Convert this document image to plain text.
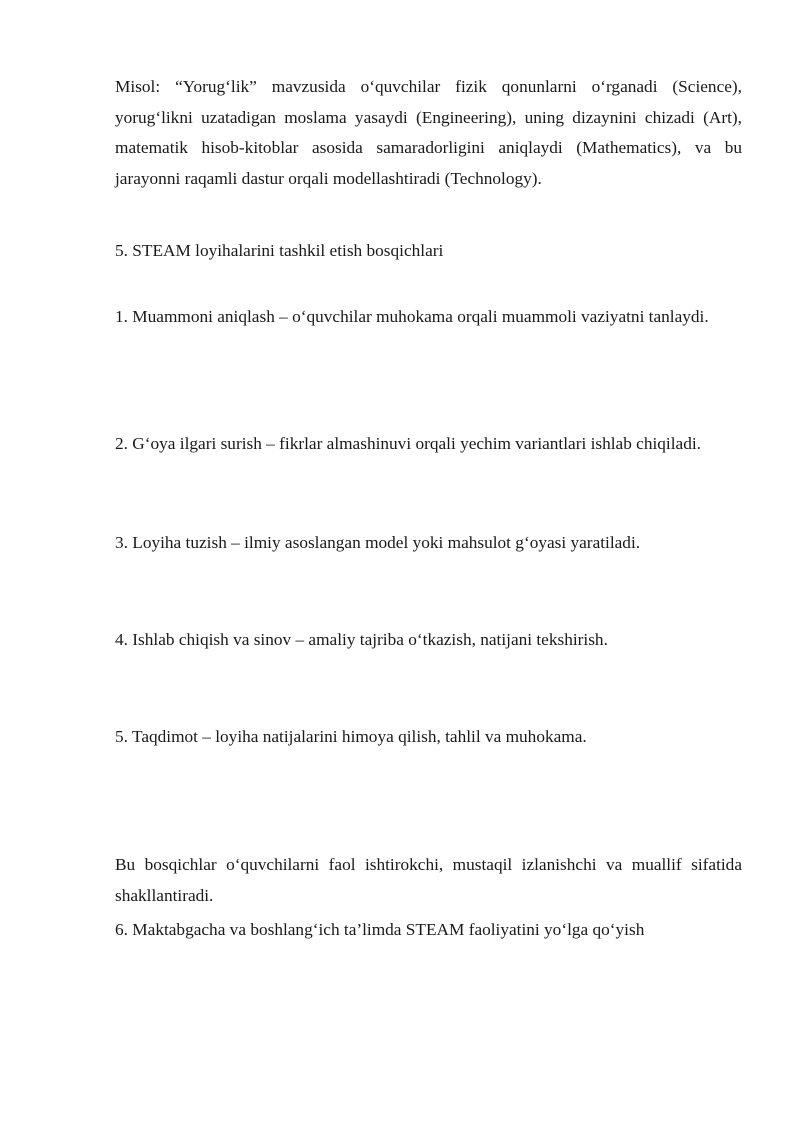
Misol: “Yorug‘lik” mavzusida o‘quvchilar fizik qonunlarni o‘rganadi (Science), yorug‘likni uzatadigan moslama yasaydi (Engineering), uning dizaynini chizadi (Art), matematik hisob-kitoblar asosida samaradorligini aniqlaydi (Mathematics), va bu jarayonni raqamli dastur orqali modellashtiradi (Technology).

5. STEAM loyihalarini tashkil etish bosqichlari

1. Muammoni aniqlash – o‘quvchilar muhokama orqali muammoli vaziyatni tanlaydi.

2. G‘oya ilgari surish – fikrlar almashinuvi orqali yechim variantlari ishlab chiqiladi.

3. Loyiha tuzish – ilmiy asoslangan model yoki mahsulot g‘oyasi yaratiladi.

4. Ishlab chiqish va sinov – amaliy tajriba o‘tkazish, natijani tekshirish.

5. Taqdimot – loyiha natijalarini himoya qilish, tahlil va muhokama.

Bu bosqichlar o‘quvchilarni faol ishtirokchi, mustaqil izlanishchi va muallif sifatida shakllantiradi.

6. Maktabgacha va boshlang‘ich ta’limda STEAM faoliyatini yo‘lga qo‘yish
